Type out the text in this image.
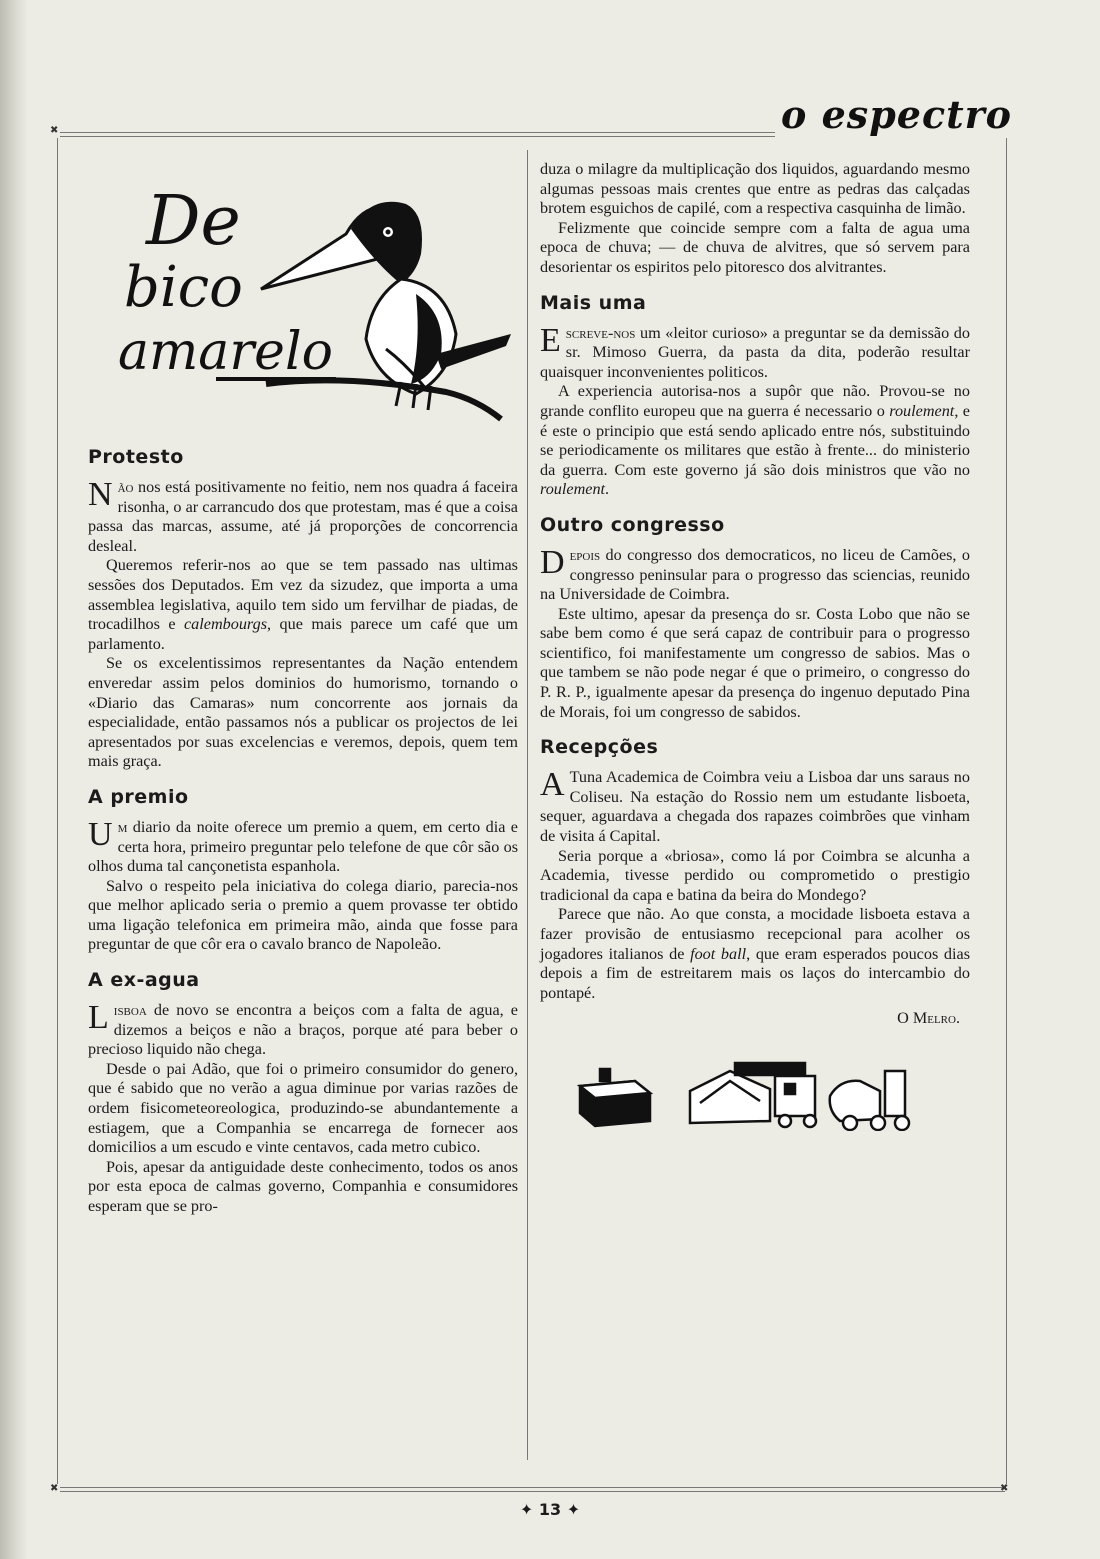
o espectro
✖
✖	✖
De
bico
amarelo
Protesto

Não nos está positivamente no feitio, nem nos quadra á faceira risonha, o ar carrancudo dos que protestam, mas é que a coisa passa das marcas, assume, até já proporções de concorrencia desleal.

Queremos referir-nos ao que se tem passado nas ultimas sessões dos Deputados. Em vez da sizudez, que importa a uma assemblea legislativa, aquilo tem sido um fervilhar de piadas, de trocadilhos e calembourgs, que mais parece um café que um parlamento.

Se os excelentissimos representantes da Nação entendem enveredar assim pelos dominios do humorismo, tornando o «Diario das Camaras» num concorrente aos jornais da especialidade, então passamos nós a publicar os projectos de lei apresentados por suas excelencias e veremos, depois, quem tem mais graça.

A premio

Um diario da noite oferece um premio a quem, em certo dia e certa hora, primeiro preguntar pelo telefone de que côr são os olhos duma tal cançonetista espanhola.

Salvo o respeito pela iniciativa do colega diario, parecia-nos que melhor aplicado seria o premio a quem provasse ter obtido uma ligação telefonica em primeira mão, ainda que fosse para preguntar de que côr era o cavalo branco de Napoleão.

A ex-agua

Lisboa de novo se encontra a beiços com a falta de agua, e dizemos a beiços e não a braços, porque até para beber o precioso liquido não chega.

Desde o pai Adão, que foi o primeiro consumidor do genero, que é sabido que no verão a agua diminue por varias razões de ordem fisicometeoreologica, produzindo-se abundantemente a estiagem, que a Companhia se encarrega de fornecer aos domicilios a um escudo e vinte centavos, cada metro cubico.

Pois, apesar da antiguidade deste conhecimento, todos os anos por esta epoca de calmas governo, Companhia e consumidores esperam que se pro-

duza o milagre da multiplicação dos liquidos, aguardando mesmo algumas pessoas mais crentes que entre as pedras das calçadas brotem esguichos de capilé, com a respectiva casquinha de limão.

Felizmente que coincide sempre com a falta de agua uma epoca de chuva; — de chuva de alvitres, que só servem para desorientar os espiritos pelo pitoresco dos alvitrantes.

Mais uma

Escreve-nos um «leitor curioso» a preguntar se da demissão do sr. Mimoso Guerra, da pasta da dita, poderão resultar quaisquer inconvenientes politicos.

A experiencia autorisa-nos a supôr que não. Provou-se no grande conflito europeu que na guerra é necessario o roulement, e é este o principio que está sendo aplicado entre nós, substituindo se periodicamente os militares que estão à frente... do ministerio da guerra. Com este governo já são dois ministros que vão no roulement.

Outro congresso

Depois do congresso dos democraticos, no liceu de Camões, o congresso peninsular para o progresso das sciencias, reunido na Universidade de Coimbra.

Este ultimo, apesar da presença do sr. Costa Lobo que não se sabe bem como é que será capaz de contribuir para o progresso scientifico, foi manifestamente um congresso de sabios. Mas o que tambem se não pode negar é que o primeiro, o congresso do P. R. P., igualmente apesar da presença do ingenuo deputado Pina de Morais, foi um congresso de sabidos.

Recepções

A Tuna Academica de Coimbra veiu a Lisboa dar uns saraus no Coliseu. Na estação do Rossio nem um estudante lisboeta, sequer, aguardava a chegada dos rapazes coimbrões que vinham de visita á Capital.

Seria porque a «briosa», como lá por Coimbra se alcunha a Academia, tivesse perdido ou comprometido o prestigio tradicional da capa e batina da beira do Mondego?

Parece que não. Ao que consta, a mocidade lisboeta estava a fazer provisão de entusiasmo recepcional para acolher os jogadores italianos de foot ball, que eram esperados poucos dias depois a fim de estreitarem mais os laços do intercambio do pontapé.

O Melro.

✦ 13 ✦
